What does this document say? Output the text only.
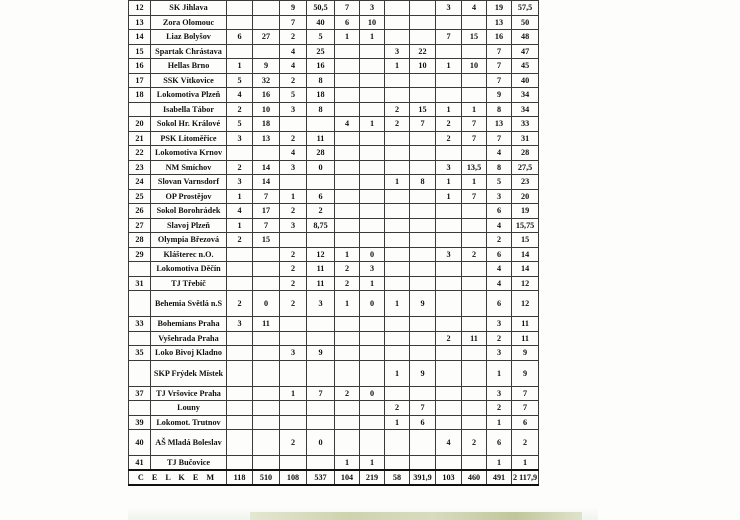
12	SK Jihlava			9	50,5	7	3			3	4	19	57,5
13	Zora Olomouc			7	40	6	10					13	50
14	Liaz Bolyšov	6	27	2	5	1	1			7	15	16	48
15	Spartak Chrástava			4	25			3	22			7	47
16	Hellas Brno	1	9	4	16			1	10	1	10	7	45
17	SSK Vítkovice	5	32	2	8							7	40
18	Lokomotiva Plzeň	4	16	5	18							9	34
	Isabella Tábor	2	10	3	8			2	15	1	1	8	34
20	Sokol Hr. Králové	5	18			4	1	2	7	2	7	13	33
21	PSK Litoměřice	3	13	2	11					2	7	7	31
22	Lokomotiva Krnov			4	28							4	28
23	NM Smíchov	2	14	3	0					3	13,5	8	27,5
24	Slovan Varnsdorf	3	14					1	8	1	1	5	23
25	OP Prostějov	1	7	1	6					1	7	3	20
26	Sokol Borohrádek	4	17	2	2							6	19
27	Slavoj Plzeň	1	7	3	8,75							4	15,75
28	Olympia Březová	2	15									2	15
29	Klášterec n.O.			2	12	1	0			3	2	6	14
	Lokomotiva Děčín			2	11	2	3					4	14
31	TJ Třebíč			2	11	2	1					4	12
	Behemia Světlá n.S	2	0	2	3	1	0	1	9			6	12
33	Bohemians Praha	3	11									3	11
	Vyšehrada Praha									2	11	2	11
35	Loko Bivoj Kladno			3	9							3	9
	SKP Frýdek Místek							1	9			1	9
37	TJ Vršovice Praha			1	7	2	0					3	7
	Louny							2	7			2	7
39	Lokomot. Trutnov							1	6			1	6
40	AŠ Mladá Boleslav			2	0					4	2	6	2
41	TJ Bučovice					1	1					1	1
C E L K E M		118	510	108	537	104	219	58	391,9	103	460	491	2 117,9
